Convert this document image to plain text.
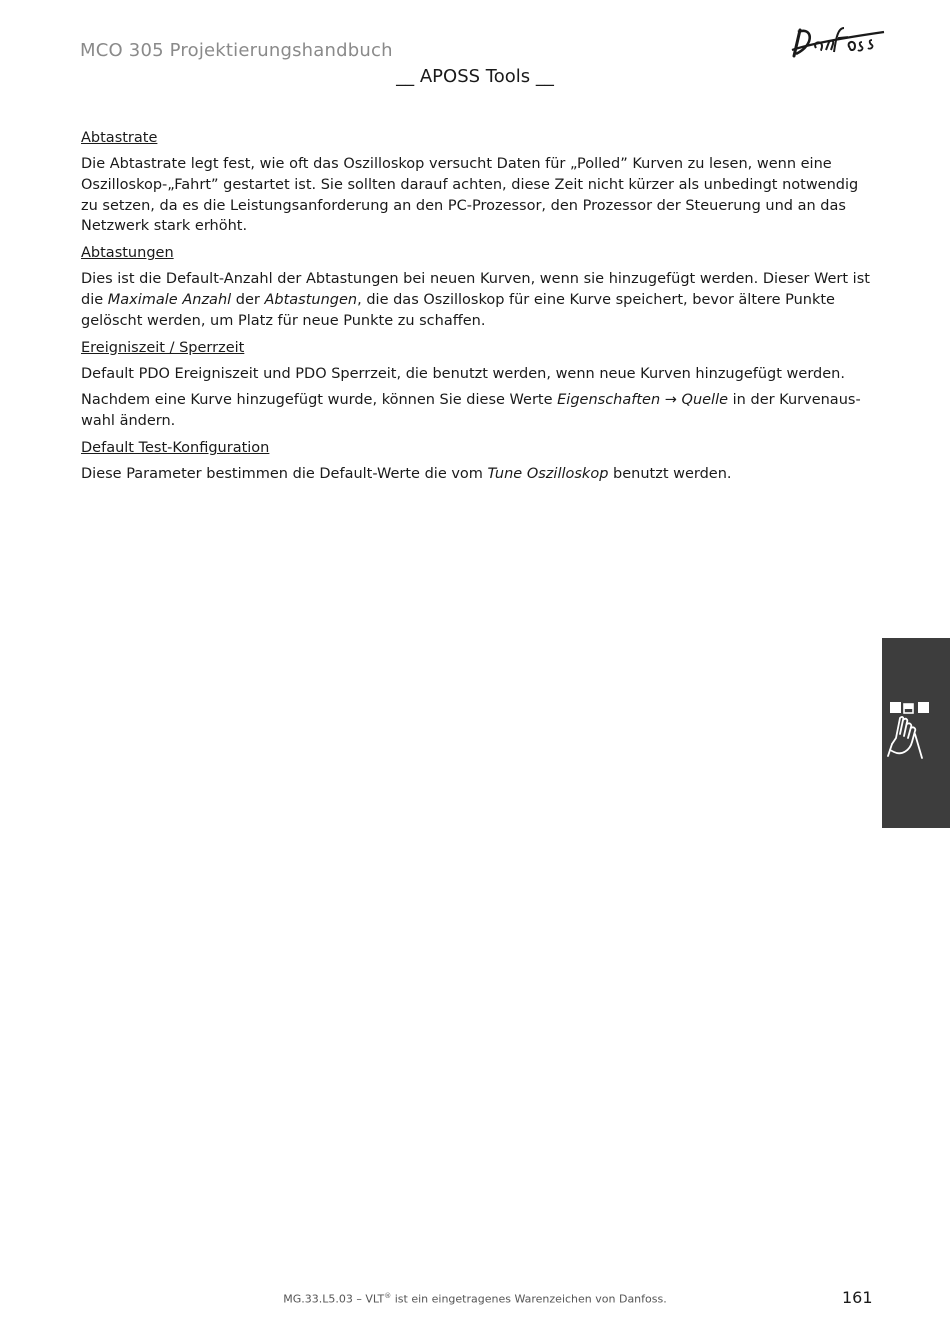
MCO 305 Projektierungshandbuch
__ APOSS Tools __
Abtastrate
Die Abtastrate legt fest, wie oft das Oszilloskop versucht Daten für „Polled” Kurven zu lesen, wenn eine Oszilloskop-„Fahrt” gestartet ist. Sie sollten darauf achten, diese Zeit nicht kürzer als unbedingt notwendig zu setzen, da es die Leistungsanforderung an den PC-Prozessor, den Prozessor der Steuerung und an das Netzwerk stark erhöht.
Abtastungen
Dies ist die Default-Anzahl der Abtastungen bei neuen Kurven, wenn sie hinzugefügt werden. Dieser Wert ist die Maximale Anzahl der Abtastungen, die das Oszilloskop für eine Kurve speichert, bevor ältere Punkte gelöscht werden, um Platz für neue Punkte zu schaffen.
Ereigniszeit / Sperrzeit
Default PDO Ereigniszeit und PDO Sperrzeit, die benutzt werden, wenn neue Kurven hinzugefügt werden.
Nachdem eine Kurve hinzugefügt wurde, können Sie diese Werte Eigenschaften → Quelle in der Kurvenaus-wahl ändern.
Default Test-Konfiguration
Diese Parameter bestimmen die Default-Werte die vom Tune Oszilloskop benutzt werden.
MG.33.L5.03 – VLT® ist ein eingetragenes Warenzeichen von Danfoss.	161
